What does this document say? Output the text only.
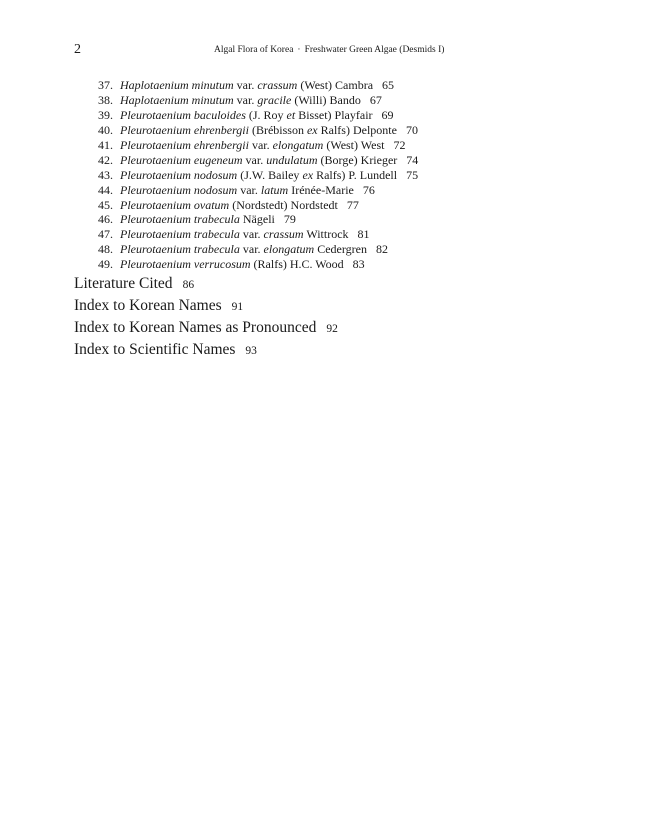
2	Algal Flora of Korea · Freshwater Green Algae (Desmids I)
37. Haplotaenium minutum var. crassum (West) Cambra 65
38. Haplotaenium minutum var. gracile (Willi) Bando 67
39. Pleurotaenium baculoides (J. Roy et Bisset) Playfair 69
40. Pleurotaenium ehrenbergii (Brébisson ex Ralfs) Delponte 70
41. Pleurotaenium ehrenbergii var. elongatum (West) West 72
42. Pleurotaenium eugeneum var. undulatum (Borge) Krieger 74
43. Pleurotaenium nodosum (J.W. Bailey ex Ralfs) P. Lundell 75
44. Pleurotaenium nodosum var. latum Irénée-Marie 76
45. Pleurotaenium ovatum (Nordstedt) Nordstedt 77
46. Pleurotaenium trabecula Nägeli 79
47. Pleurotaenium trabecula var. crassum Wittrock 81
48. Pleurotaenium trabecula var. elongatum Cedergren 82
49. Pleurotaenium verrucosum (Ralfs) H.C. Wood 83
Literature Cited 86
Index to Korean Names 91
Index to Korean Names as Pronounced 92
Index to Scientific Names 93
